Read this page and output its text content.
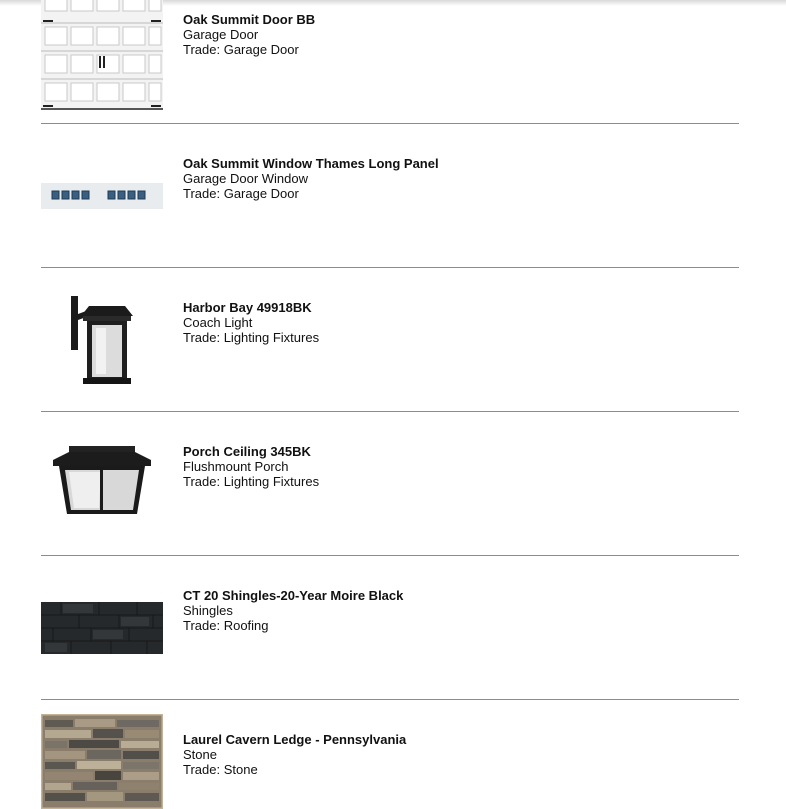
Oak Summit Door BB
Garage Door
Trade: Garage Door
Oak Summit Window Thames Long Panel
Garage Door Window
Trade: Garage Door
Harbor Bay 49918BK
Coach Light
Trade: Lighting Fixtures
Porch Ceiling 345BK
Flushmount Porch
Trade: Lighting Fixtures
CT 20 Shingles-20-Year Moire Black
Shingles
Trade: Roofing
Laurel Cavern Ledge - Pennsylvania
Stone
Trade: Stone
